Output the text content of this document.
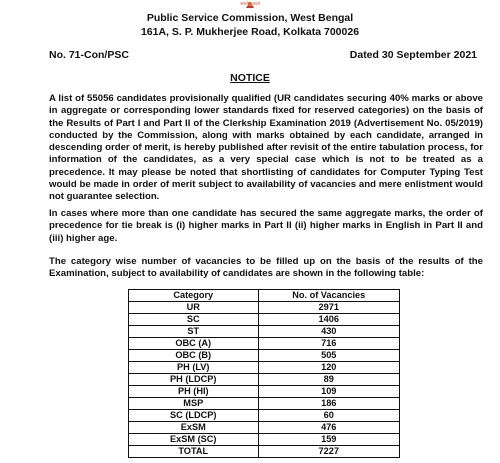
सत्यमेव जयते
Public Service Commission, West Bengal
161A, S. P. Mukherjee Road, Kolkata 700026
No. 71-Con/PSC	Dated 30 September 2021
NOTICE

A list of 55056 candidates provisionally qualified (UR candidates securing 40% marks or above in aggregate or corresponding lower standards fixed for reserved categories) on the basis of the Results of Part I and Part II of the Clerkship Examination 2019 (Advertisement No. 05/2019) conducted by the Commission, along with marks obtained by each candidate, arranged in descending order of merit, is hereby published after revisit of the entire tabulation process, for information of the candidates, as a very special case which is not to be treated as a precedence. It may please be noted that shortlisting of candidates for Computer Typing Test would be made in order of merit subject to availability of vacancies and mere enlistment would not guarantee selection.

In cases where more than one candidate has secured the same aggregate marks, the order of precedence for tie break is (i) higher marks in Part II (ii) higher marks in English in Part II and (iii) higher age.

The category wise number of vacancies to be filled up on the basis of the results of the Examination, subject to availability of candidates are shown in the following table:

Category	No. of Vacancies
UR	2971
SC	1406
ST	430
OBC (A)	716
OBC (B)	505
PH (LV)	120
PH (LDCP)	89
PH (HI)	109
MSP	186
SC (LDCP)	60
ExSM	476
ExSM (SC)	159
TOTAL	7227
